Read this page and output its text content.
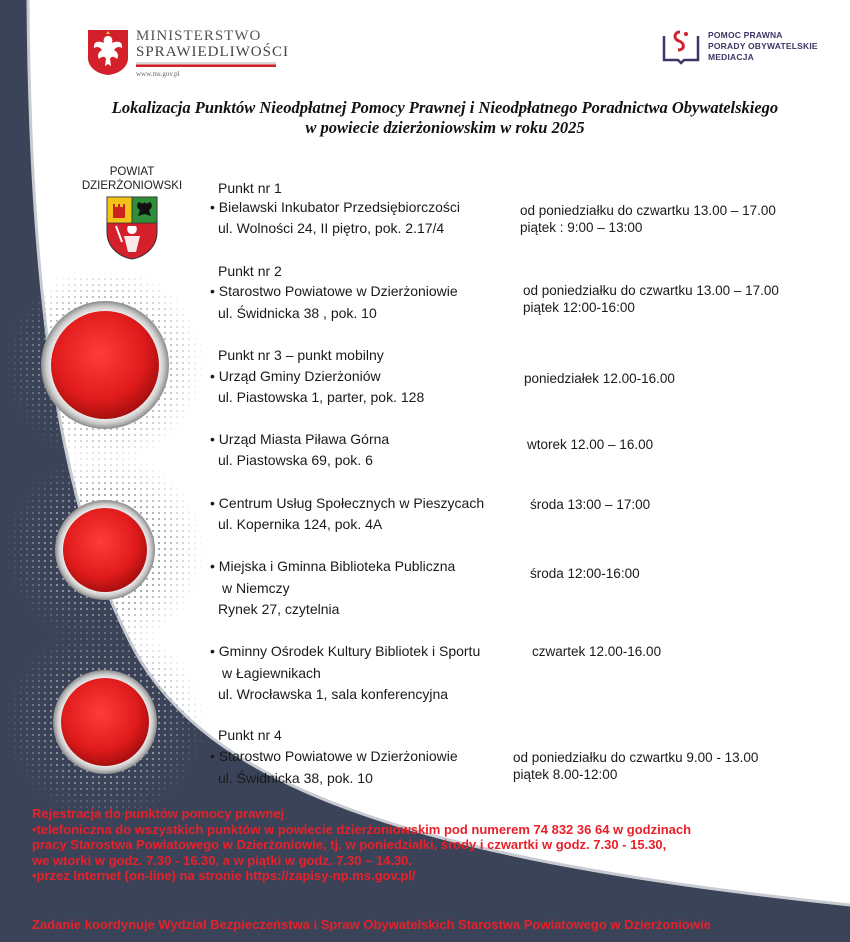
MINISTERSTWO
SPRAWIEDLIWOŚCI
www.ms.gov.pl
POMOC PRAWNA
PORADY OBYWATELSKIE
MEDIACJA
Lokalizacja Punktów Nieodpłatnej Pomocy Prawnej i Nieodpłatnego Poradnictwa Obywatelskiego
w powiecie dzierżoniowskim w roku 2025
POWIAT
DZIERŻONIOWSKI	Punkt nr 1
• Bielawski Inkubator Przedsiębiorczości
ul. Wolności 24, II piętro, pok. 2.17/4
od poniedziałku do czwartku 13.00 – 17.00
piątek : 9:00 – 13:00
Punkt nr 2
• Starostwo Powiatowe w Dzierżoniowie
ul. Świdnicka 38 , pok. 10
od poniedziałku do czwartku 13.00 – 17.00
piątek 12:00-16:00
Punkt nr 3 – punkt mobilny
• Urząd Gminy Dzierżoniów
ul. Piastowska 1, parter, pok. 128
poniedziałek 12.00-16.00
• Urząd Miasta Piława Górna
ul. Piastowska 69, pok. 6
wtorek 12.00 – 16.00
• Centrum Usług Społecznych w Pieszycach
ul. Kopernika 124, pok. 4A
środa 13:00 – 17:00
• Miejska i Gminna Biblioteka Publiczna
w Niemczy
Rynek 27, czytelnia
środa 12:00-16:00
• Gminny Ośrodek Kultury Bibliotek i Sportu
w Łagiewnikach
ul. Wrocławska 1, sala konferencyjna
czwartek 12.00-16.00
Punkt nr 4
• Starostwo Powiatowe w Dzierżoniowie
ul. Świdnicka 38, pok. 10
od poniedziałku do czwartku 9.00 - 13.00
piątek 8.00-12:00
Rejestracja do punktów pomocy prawnej
•telefoniczna do wszystkich punktów w powiecie dzierżoniowskim pod numerem 74 832 36 64 w godzinach
pracy Starostwa Powiatowego w Dzierżoniowie, tj. w poniedziałki, środy i czwartki w godz. 7.30 - 15.30,
we wtorki w godz. 7.30 - 16.30, a w piątki w godz. 7.30 – 14.30.
•przez Internet (on-line) na stronie https://zapisy-np.ms.gov.pl/
Zadanie koordynuje Wydział Bezpieczeństwa i Spraw Obywatelskich Starostwa Powiatowego w Dzierżoniowie
